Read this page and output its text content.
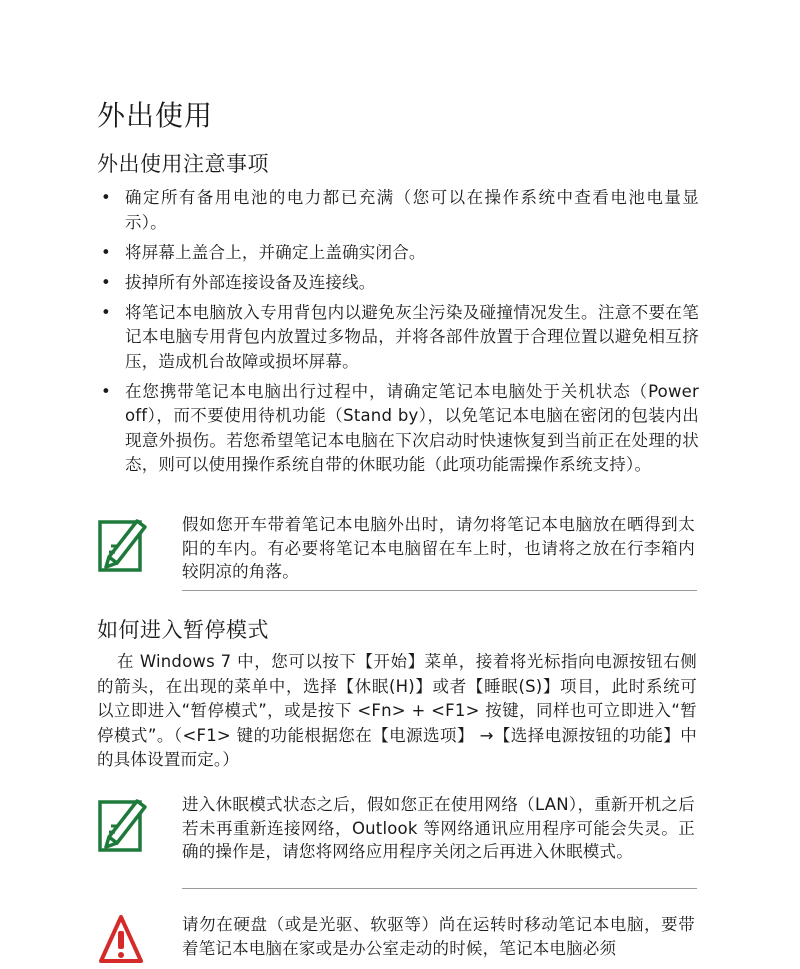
外出使用
外出使用注意事项
• 确定所有备用电池的电力都已充满（您可以在操作系统中查看电池电量显示）。
• 将屏幕上盖合上，并确定上盖确实闭合。
• 拔掉所有外部连接设备及连接线。
• 将笔记本电脑放入专用背包内以避免灰尘污染及碰撞情况发生。注意不要在笔记本电脑专用背包内放置过多物品，并将各部件放置于合理位置以避免相互挤压，造成机台故障或损坏屏幕。
• 在您携带笔记本电脑出行过程中，请确定笔记本电脑处于关机状态（Power off），而不要使用待机功能（Stand by），以免笔记本电脑在密闭的包装内出现意外损伤。若您希望笔记本电脑在下次启动时快速恢复到当前正在处理的状态，则可以使用操作系统自带的休眠功能（此项功能需操作系统支持）。
假如您开车带着笔记本电脑外出时，请勿将笔记本电脑放在晒得到太阳的车内。有必要将笔记本电脑留在车上时，也请将之放在行李箱内较阴凉的角落。
如何进入暂停模式

在 Windows 7 中，您可以按下【开始】菜单，接着将光标指向电源按钮右侧的箭头，在出现的菜单中，选择【休眠(H)】或者【睡眠(S)】项目，此时系统可以立即进入“暂停模式”，或是按下 <Fn> + <F1> 按键，同样也可立即进入“暂停模式”。（<F1> 键的功能根据您在【电源选项】 →【选择电源按钮的功能】中的具体设置而定。）

进入休眠模式状态之后，假如您正在使用网络（LAN），重新开机之后若未再重新连接网络，Outlook 等网络通讯应用程序可能会失灵。正确的操作是，请您将网络应用程序关闭之后再进入休眠模式。
请勿在硬盘（或是光驱、软驱等）尚在运转时移动笔记本电脑，要带着笔记本电脑在家或是办公室走动的时候，笔记本电脑必须
